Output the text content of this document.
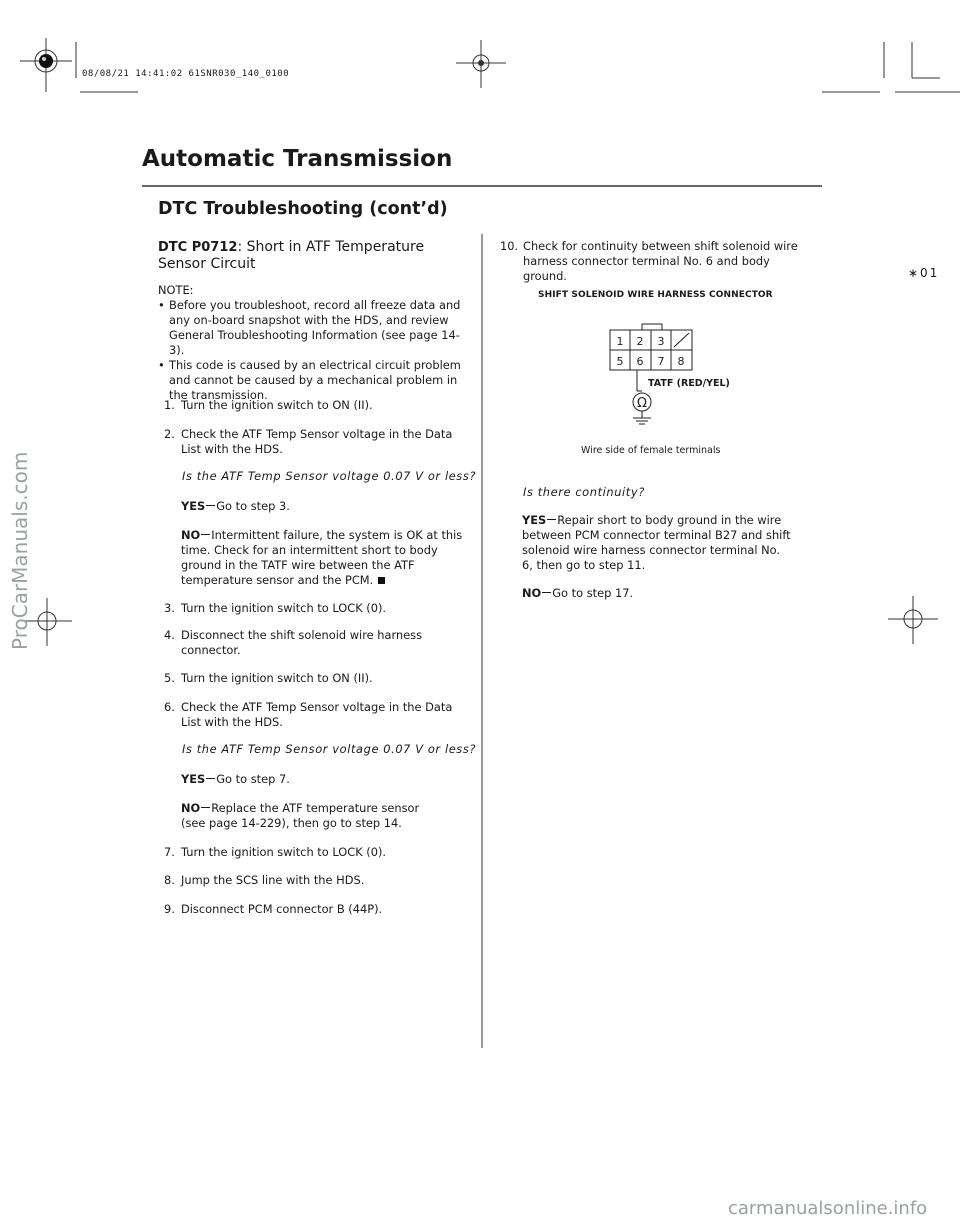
08/08/21 14:41:02 61SNR030_140_0100
Automatic Transmission
DTC Troubleshooting (cont’d)
∗01
DTC P0712: Short in ATF Temperature Sensor Circuit
NOTE:
• Before you troubleshoot, record all freeze data and any on-board snapshot with the HDS, and review General Troubleshooting Information (see page 14-3).
• This code is caused by an electrical circuit problem and cannot be caused by a mechanical problem in the transmission.
1. Turn the ignition switch to ON (II).
2. Check the ATF Temp Sensor voltage in the Data List with the HDS.
Is the ATF Temp Sensor voltage 0.07 V or less?
YES Go to step 3.
NO Intermittent failure, the system is OK at this time. Check for an intermittent short to body ground in the TATF wire between the ATF temperature sensor and the PCM.
3. Turn the ignition switch to LOCK (0).
4. Disconnect the shift solenoid wire harness connector.
5. Turn the ignition switch to ON (II).
6. Check the ATF Temp Sensor voltage in the Data List with the HDS.
Is the ATF Temp Sensor voltage 0.07 V or less?
YES Go to step 7.
NO Replace the ATF temperature sensor (see page 14-229), then go to step 14.
7. Turn the ignition switch to LOCK (0).
8. Jump the SCS line with the HDS.
9. Disconnect PCM connector B (44P).
10. Check for continuity between shift solenoid wire harness connector terminal No. 6 and body ground.
SHIFT SOLENOID WIRE HARNESS CONNECTOR
1 2 3
5 6 7 8
Ω
TATF (RED/YEL)
Wire side of female terminals
Is there continuity?
YES Repair short to body ground in the wire between PCM connector terminal B27 and shift solenoid wire harness connector terminal No. 6, then go to step 11.
NO Go to step 17.
ProCarManuals.com
carmanualsonline.info
